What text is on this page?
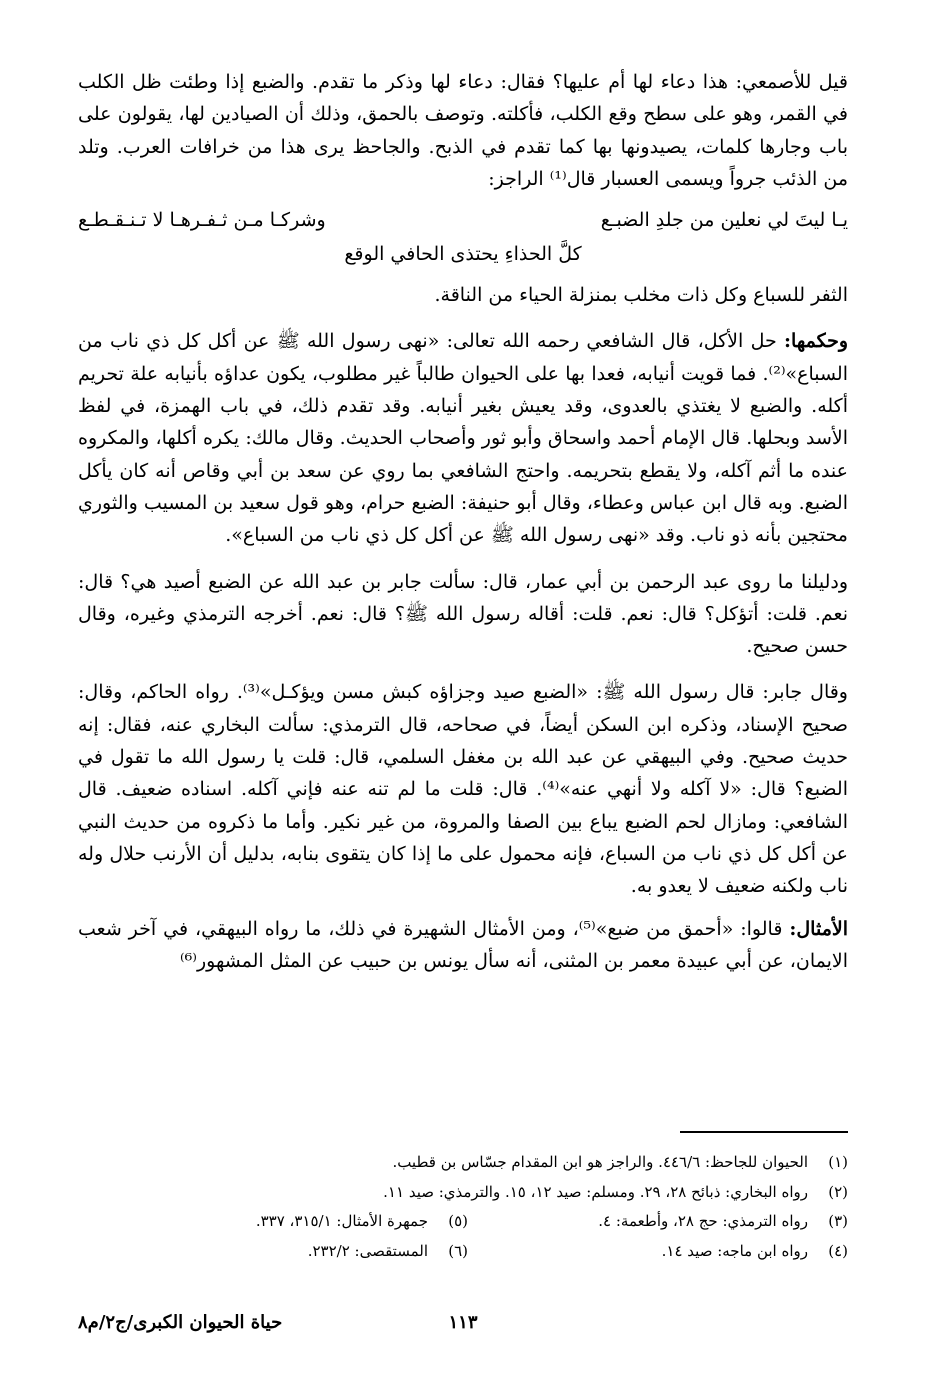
قيل للأصمعي: هذا دعاء لها أم عليها؟ فقال: دعاء لها وذكر ما تقدم. والضبع إذا وطئت ظل الكلب في القمر، وهو على سطح وقع الكلب، فأكلته. وتوصف بالحمق، وذلك أن الصيادين لها، يقولون على باب وجارها كلمات، يصيدونها بها كما تقدم في الذبح. والجاحظ يرى هذا من خرافات العرب. وتلد من الذئب جرواً ويسمى العسبار قال⁽¹⁾ الراجز:

يـا ليتَ لي نعلين من جلدِ الضبـع
وشركـا مـن ثـفـرهـا لا تـنـقـطـع
كلَّ الحذاءِ يحتذى الحافي الوقع

الثفر للسباع وكل ذات مخلب بمنزلة الحياء من الناقة.

وحكمها: حل الأكل، قال الشافعي رحمه الله تعالى: «نهى رسول الله ﷺ عن أكل كل ذي ناب من السباع»⁽²⁾. فما قويت أنيابه، فعدا بها على الحيوان طالباً غير مطلوب، يكون عداؤه بأنيابه علة تحريم أكله. والضبع لا يغتذي بالعدوى، وقد يعيش بغير أنيابه. وقد تقدم ذلك، في باب الهمزة، في لفظ الأسد وبحلها. قال الإمام أحمد واسحاق وأبو ثور وأصحاب الحديث. وقال مالك: يكره أكلها، والمكروه عنده ما أثم آكله، ولا يقطع بتحريمه. واحتج الشافعي بما روي عن سعد بن أبي وقاص أنه كان يأكل الضبع. وبه قال ابن عباس وعطاء، وقال أبو حنيفة: الضبع حرام، وهو قول سعيد بن المسيب والثوري محتجين بأنه ذو ناب. وقد «نهى رسول الله ﷺ عن أكل كل ذي ناب من السباع».

ودليلنا ما روى عبد الرحمن بن أبي عمار، قال: سألت جابر بن عبد الله عن الضبع أصيد هي؟ قال: نعم. قلت: أتؤكل؟ قال: نعم. قلت: أقاله رسول الله ﷺ؟ قال: نعم. أخرجه الترمذي وغيره، وقال حسن صحيح.

وقال جابر: قال رسول الله ﷺ: «الضبع صيد وجزاؤه كبش مسن ويؤكـل»⁽³⁾. رواه الحاكم، وقال: صحيح الإسناد، وذكره ابن السكن أيضاً، في صحاحه، قال الترمذي: سألت البخاري عنه، فقال: إنه حديث صحيح. وفي البيهقي عن عبد الله بن مغفل السلمي، قال: قلت يا رسول الله ما تقول في الضبع؟ قال: «لا آكله ولا أنهي عنه»⁽⁴⁾. قال: قلت ما لم تنه عنه فإني آكله. اسناده ضعيف. قال الشافعي: ومازال لحم الضبع يباع بين الصفا والمروة، من غير نكير. وأما ما ذكروه من حديث النبي عن أكل كل ذي ناب من السباع، فإنه محمول على ما إذا كان يتقوى بنابه، بدليل أن الأرنب حلال وله ناب ولكنه ضعيف لا يعدو به.

الأمثال: قالوا: «أحمق من ضبع»⁽⁵⁾، ومن الأمثال الشهيرة في ذلك، ما رواه البيهقي، في آخر شعب الايمان، عن أبي عبيدة معمر بن المثنى، أنه سأل يونس بن حبيب عن المثل المشهور⁽⁶⁾

(١)
الحيوان للجاحظ: ٤٤٦/٦. والراجز هو ابن المقدام جسّاس بن قطيب.
(٢)
رواه البخاري: ذبائح ٢٨، ٢٩. ومسلم: صيد ١٢، ١٥. والترمذي: صيد ١١.
(٣)
رواه الترمذي: حج ٢٨، وأطعمة: ٤.
(٥)
جمهرة الأمثال: ٣١٥/١، ٣٣٧.
(٤)
رواه ابن ماجه: صيد ١٤.
(٦)
المستقصى: ٢٣٢/٢.
١١٣
حياة الحيوان الكبرى/ج٢/م٨
